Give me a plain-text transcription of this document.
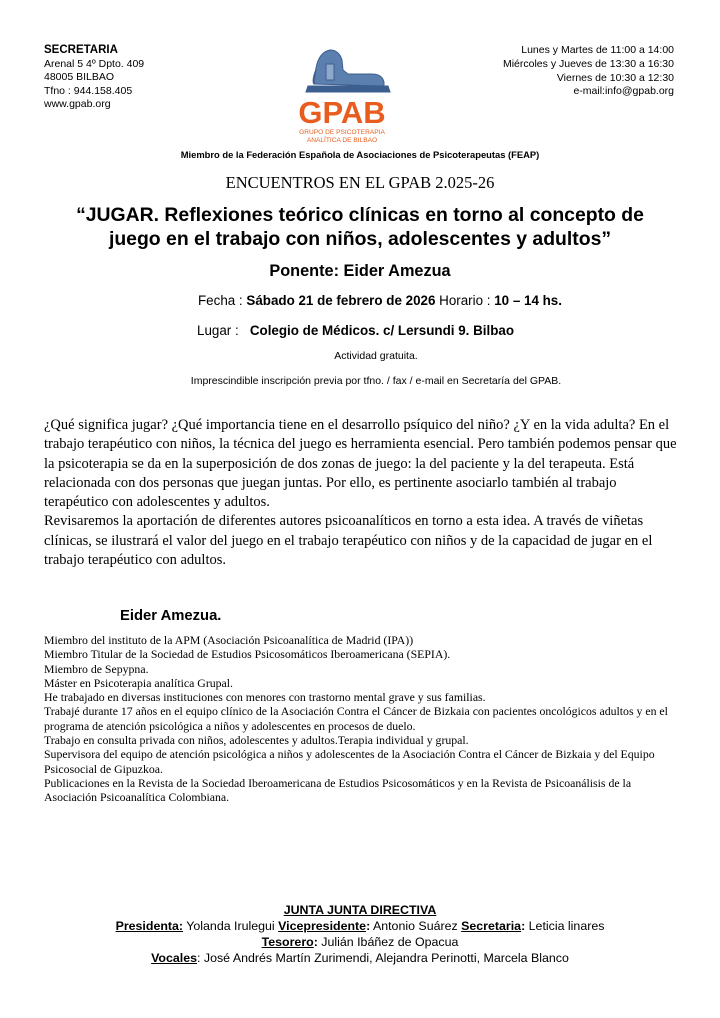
SECRETARIA
Arenal 5 4º Dpto. 409
48005 BILBAO
Tfno : 944.158.405
www.gpab.org
Lunes y Martes de 11:00 a 14:00
Miércoles y Jueves de 13:30 a 16:30
Viernes de 10:30 a 12:30
e-mail:info@gpab.org
GPAB
GRUPO DE PSICOTERAPIA
ANALÍTICA DE BILBAO
Miembro de la Federación Española de Asociaciones de Psicoterapeutas (FEAP)
ENCUENTROS EN EL GPAB 2.025-26
“JUGAR. Reflexiones teórico clínicas en torno al concepto de
juego en el trabajo con niños, adolescentes y adultos”
Ponente: Eider Amezua
Fecha : Sábado 21 de febrero de 2026 Horario : 10 – 14 hs.
Lugar :   Colegio de Médicos. c/ Lersundi 9. Bilbao
Actividad gratuita.
Imprescindible inscripción previa por tfno. / fax / e-mail en Secretaría del GPAB.

¿Qué significa jugar? ¿Qué importancia tiene en el desarrollo psíquico del niño? ¿Y en la vida adulta? En el trabajo terapéutico con niños, la técnica del juego es herramienta esencial. Pero también podemos pensar que la psicoterapia se da en la superposición de dos zonas de juego: la del paciente y la del terapeuta. Está relacionada con dos personas que juegan juntas. Por ello, es pertinente asociarlo también al trabajo terapéutico con adolescentes y adultos.

Revisaremos la aportación de diferentes autores psicoanalíticos en torno a esta idea. A través de viñetas clínicas, se ilustrará el valor del juego en el trabajo terapéutico con niños y de la capacidad de jugar en el trabajo terapéutico con adultos.

Eider Amezua.

Miembro del instituto de la APM (Asociación Psicoanalítica de Madrid (IPA))

Miembro Titular de la Sociedad de Estudios Psicosomáticos Iberoamericana (SEPIA).

Miembro de Sepypna.

Máster en Psicoterapia analítica Grupal.

He trabajado en diversas instituciones con menores con trastorno mental grave y sus familias.

Trabajé durante 17 años en el equipo clínico de la Asociación Contra el Cáncer de Bizkaia con pacientes oncológicos adultos y en el programa de atención psicológica a niños y adolescentes en procesos de duelo.

Trabajo en consulta privada con niños, adolescentes y adultos.Terapia individual y grupal.

Supervisora del equipo de atención psicológica a niños y adolescentes de la Asociación Contra el Cáncer de Bizkaia y del Equipo Psicosocial de Gipuzkoa.

Publicaciones en la Revista de la Sociedad Iberoamericana de Estudios Psicosomáticos y en la Revista de Psicoanálisis de la Asociación Psicoanalítica Colombiana.

JUNTA JUNTA DIRECTIVA
Presidenta: Yolanda Irulegui Vicepresidente: Antonio Suárez Secretaria: Leticia linares
Tesorero: Julián Ibáñez de Opacua
Vocales: José Andrés Martín Zurimendi, Alejandra Perinotti, Marcela Blanco
